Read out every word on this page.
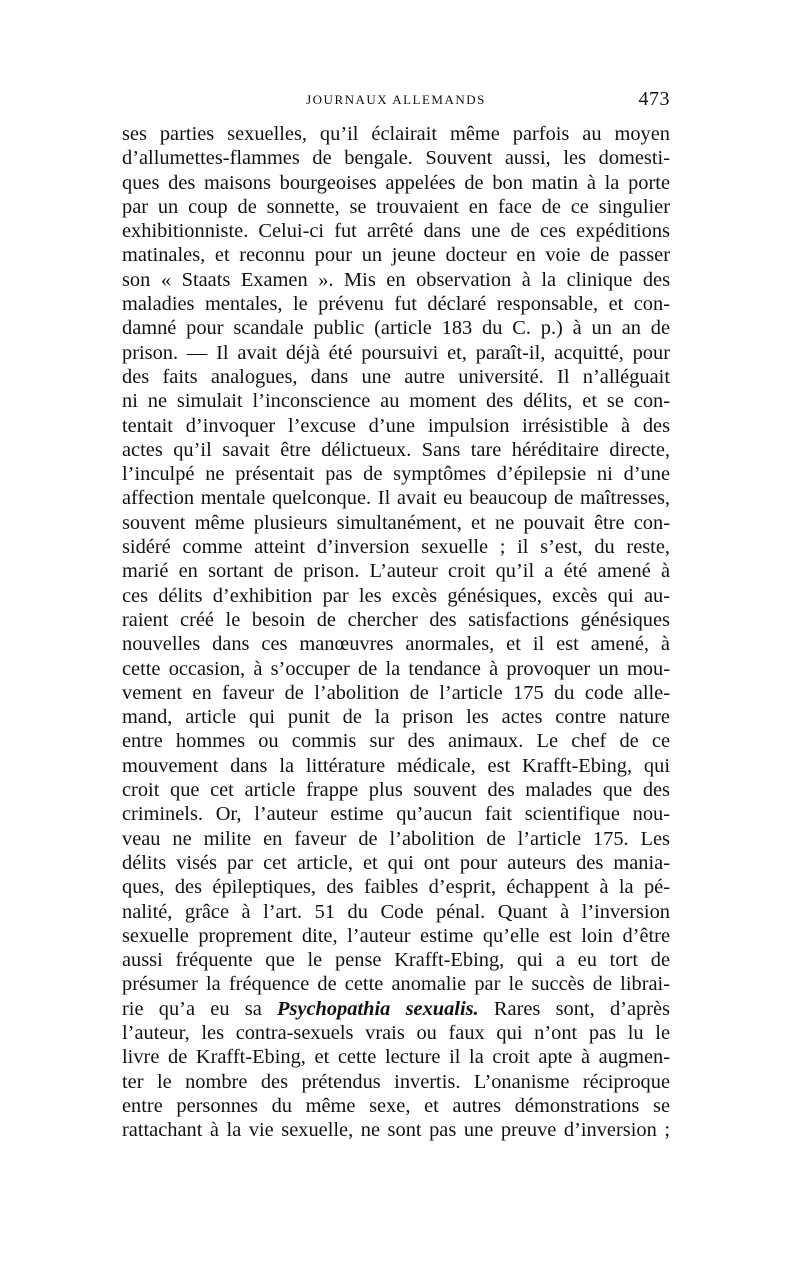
JOURNAUX ALLEMANDS	473
ses parties sexuelles, qu’il éclairait même parfois au moyen
d’allumettes-flammes de bengale. Souvent aussi, les domesti-
ques des maisons bourgeoises appelées de bon matin à la porte
par un coup de sonnette, se trouvaient en face de ce singulier
exhibitionniste. Celui-ci fut arrêté dans une de ces expéditions
matinales, et reconnu pour un jeune docteur en voie de passer
son « Staats Examen ». Mis en observation à la clinique des
maladies mentales, le prévenu fut déclaré responsable, et con-
damné pour scandale public (article 183 du C. p.) à un an de
prison. — Il avait déjà été poursuivi et, paraît-il, acquitté, pour
des faits analogues, dans une autre université. Il n’alléguait
ni ne simulait l’inconscience au moment des délits, et se con-
tentait d’invoquer l’excuse d’une impulsion irrésistible à des
actes qu’il savait être délictueux. Sans tare héréditaire directe,
l’inculpé ne présentait pas de symptômes d’épilepsie ni d’une
affection mentale quelconque. Il avait eu beaucoup de maîtresses,
souvent même plusieurs simultanément, et ne pouvait être con-
sidéré comme atteint d’inversion sexuelle ; il s’est, du reste,
marié en sortant de prison. L’auteur croit qu’il a été amené à
ces délits d’exhibition par les excès génésiques, excès qui au-
raient créé le besoin de chercher des satisfactions génésiques
nouvelles dans ces manœuvres anormales, et il est amené, à
cette occasion, à s’occuper de la tendance à provoquer un mou-
vement en faveur de l’abolition de l’article 175 du code alle-
mand, article qui punit de la prison les actes contre nature
entre hommes ou commis sur des animaux. Le chef de ce
mouvement dans la littérature médicale, est Krafft-Ebing, qui
croit que cet article frappe plus souvent des malades que des
criminels. Or, l’auteur estime qu’aucun fait scientifique nou-
veau ne milite en faveur de l’abolition de l’article 175. Les
délits visés par cet article, et qui ont pour auteurs des mania-
ques, des épileptiques, des faibles d’esprit, échappent à la pé-
nalité, grâce à l’art. 51 du Code pénal. Quant à l’inversion
sexuelle proprement dite, l’auteur estime qu’elle est loin d’être
aussi fréquente que le pense Krafft-Ebing, qui a eu tort de
présumer la fréquence de cette anomalie par le succès de librai-
rie qu’a eu sa Psychopathia sexualis. Rares sont, d’après
l’auteur, les contra-sexuels vrais ou faux qui n’ont pas lu le
livre de Krafft-Ebing, et cette lecture il la croit apte à augmen-
ter le nombre des prétendus invertis. L’onanisme réciproque
entre personnes du même sexe, et autres démonstrations se
rattachant à la vie sexuelle, ne sont pas une preuve d’inversion ;
